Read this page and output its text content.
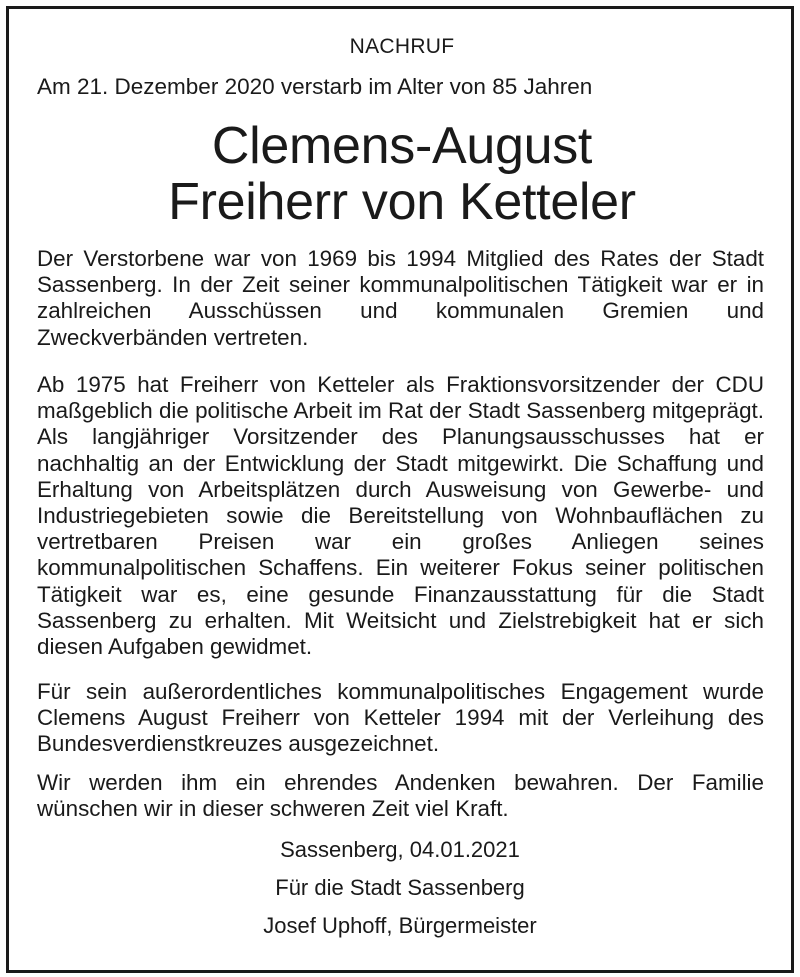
NACHRUF
Am 21. Dezember 2020 verstarb im Alter von 85 Jahren
Clemens-August
Freiherr von Ketteler
Der Verstorbene war von 1969 bis 1994 Mitglied des Rates der Stadt Sassenberg. In der Zeit seiner kommunalpolitischen Tätigkeit war er in zahlreichen Ausschüssen und kommunalen Gremien und Zweckverbänden vertreten.
Ab 1975 hat Freiherr von Ketteler als Fraktionsvorsitzender der CDU maßgeblich die politische Arbeit im Rat der Stadt Sassenberg mitgeprägt. Als langjähriger Vorsitzender des Planungsausschusses hat er nachhaltig an der Entwicklung der Stadt mitgewirkt. Die Schaffung und Erhaltung von Arbeitsplätzen durch Ausweisung von Gewerbe- und Industriegebieten sowie die Bereitstellung von Wohnbauflächen zu vertretbaren Preisen war ein großes Anliegen seines kommunalpolitischen Schaffens. Ein weiterer Fokus seiner politischen Tätigkeit war es, eine gesunde Finanzausstattung für die Stadt Sassenberg zu erhalten. Mit Weitsicht und Zielstrebigkeit hat er sich diesen Aufgaben gewidmet.
Für sein außerordentliches kommunalpolitisches Engagement wurde Clemens August Freiherr von Ketteler 1994 mit der Verleihung des Bundesverdienstkreuzes ausgezeichnet.
Wir werden ihm ein ehrendes Andenken bewahren. Der Familie wünschen wir in dieser schweren Zeit viel Kraft.
Sassenberg, 04.01.2021
Für die Stadt Sassenberg
Josef Uphoff, Bürgermeister
